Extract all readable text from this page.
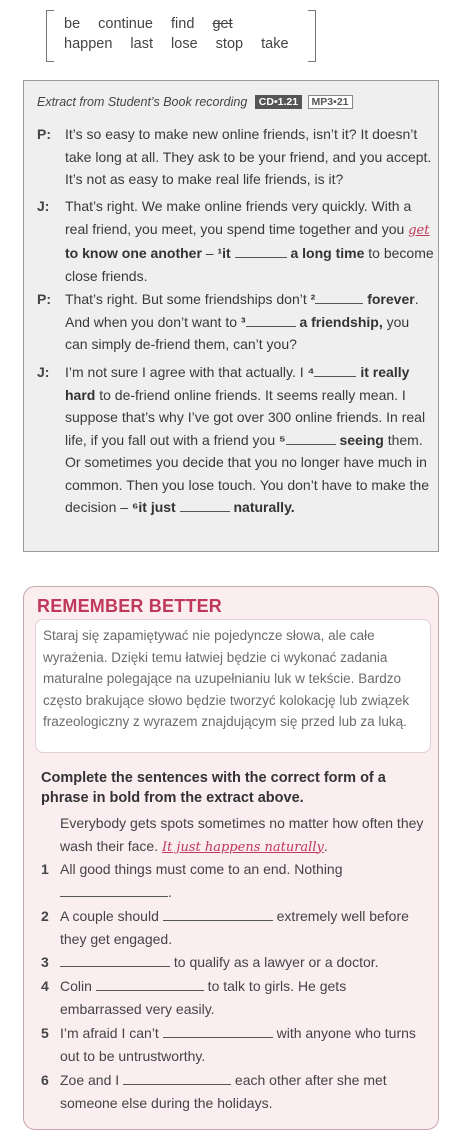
be continue find get
happen last lose stop take
Extract from Student’s Book recording CD•1.21 MP3•21
P: It’s so easy to make new online friends, isn’t it? It doesn’t take long at all. They ask to be your friend, and you accept. It’s not as easy to make real life friends, is it?
J: That’s right. We make online friends very quickly. With a real friend, you meet, you spend time together and you get to know one another – ¹it	a long time to become close friends.
P: That’s right. But some friendships don’t ²	forever. And when you don’t want to ³	a friendship, you can simply de-friend them, can’t you?
J: I’m not sure I agree with that actually. I ⁴	it really hard to de-friend online friends. It seems really mean. I suppose that’s why I’ve got over 300 online friends. In real life, if you fall out with a friend you ⁵	seeing them. Or sometimes you decide that you no longer have much in common. Then you lose touch. You don’t have to make the decision – ⁶it just	naturally.
REMEMBER BETTER
Staraj się zapamiętywać nie pojedyncze słowa, ale całe wyrażenia. Dzięki temu łatwiej będzie ci wykonać zadania maturalne polegające na uzupełnianiu luk w tekście. Bardzo często brakujące słowo będzie tworzyć kolokację lub związek frazeologiczny z wyrazem znajdującym się przed lub za luką.
Complete the sentences with the correct form of a phrase in bold from the extract above.
Everybody gets spots sometimes no matter how often they wash their face. It just happens naturally.
1 All good things must come to an end. Nothing
.
2 A couple should	extremely well before they get engaged.
3	to qualify as a lawyer or a doctor.
4 Colin	to talk to girls. He gets embarrassed very easily.
5 I’m afraid I can’t	with anyone who turns out to be untrustworthy.
6 Zoe and I	each other after she met someone else during the holidays.
